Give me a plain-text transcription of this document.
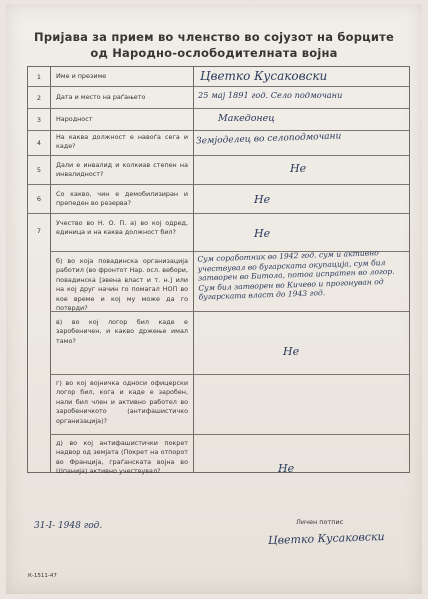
Пријава за прием во членство во сојузот на борците
од Народно-ослободителната војна
1
2
3
4
5
6
7
Име и презиме
Дата и место на раѓањето
Народност
На каква должност е навоѓа сега и каде?
Дали е инвалид и колкиав степен на инвалидност?
Со какво, чин е демобилизиран и препеден во резерва?
Учество во Н. О. П. а) во кој одред, единица и на каква должност бил?
б) во која повадинска организација работил (во фронтот Нар. осл. вебори, повадинска [эвена власт и т. н.] или на кој друг начин го помагал НОП во кое време и кој му може да го потврди?
в) во кој логор бил каде е заробеничен, и какво држење имал тамо?
г) во кој војничка односи офицерски логор бил, кога и каде е заробен, нали бил член и активно работел во заробеничкото (антифашистичко организација)?
д) во кој антифашистички покрет надвор од земјата (Покрет на отпорот во Франција, граѓанската војна во Шпанија) активно учествувал?
Цветко Кусаковски
25 мај 1891 год. Село подмочани
Македонец
Земјоделец во селоподмочани
Не
Не
Не
Сум соработник во 1942 год. сум и активно учествувал во бугарската окупација, сум бил затворен во Битола, потоа испратен во логор. Сум бил затворен во Кичево и прогонуван од бугарската власт до 1943 год.
Не
Не
31-I- 1948 год.	Личен потпис
Цветко Кусаковски
К-1511-47
